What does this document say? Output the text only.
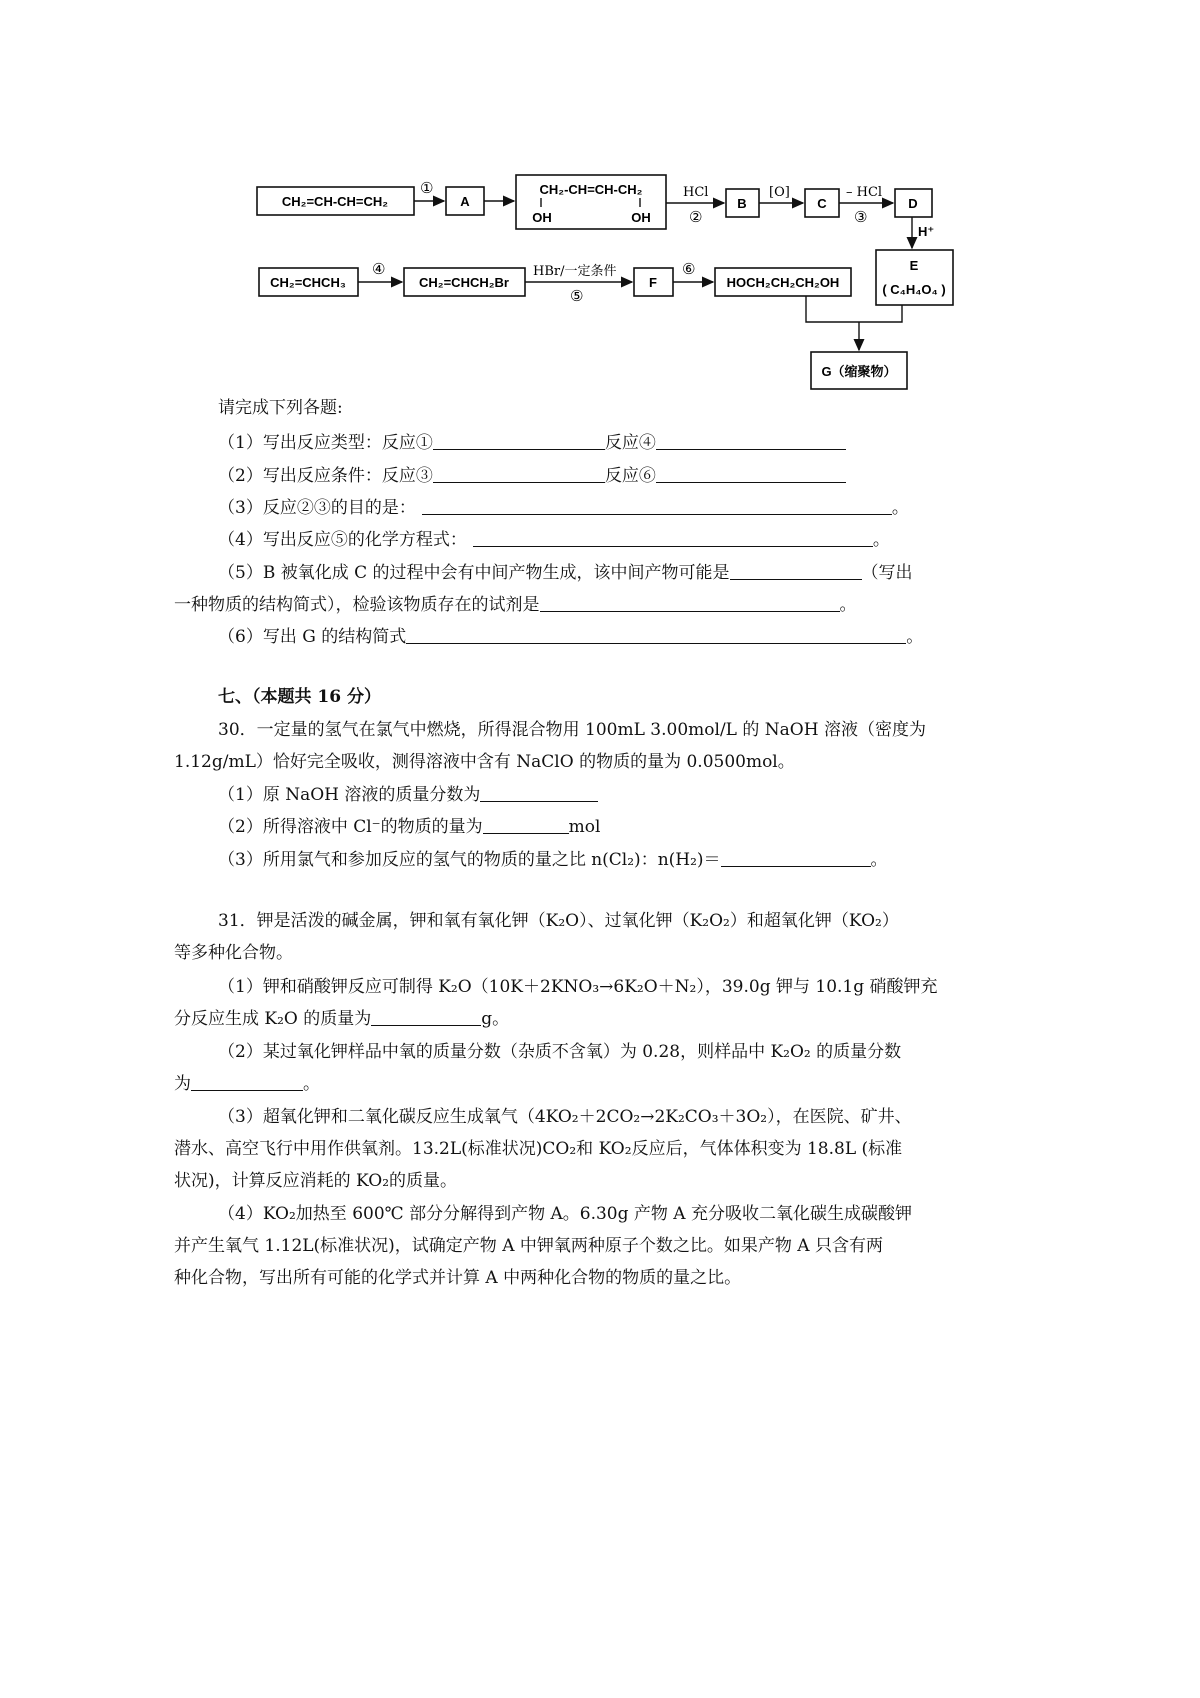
CH₂=CH-CH=CH₂
①
A
CH₂-CH=CH-CH₂
OH	OH
HCl
②
B
[O]
C
– HCl
③
D
H⁺
E
( C₄H₄O₄ )
CH₂=CHCH₃
④
CH₂=CHCH₂Br
HBr/一定条件
⑤
F
⑥
HOCH₂CH₂CH₂OH
G（缩聚物）
请完成下列各题:
（1）写出反应类型：反应①	反应④
（2）写出反应条件：反应③	反应⑥
（3）反应②③的目的是：	。
（4）写出反应⑤的化学方程式：	。
（5）B 被氧化成 C 的过程中会有中间产物生成，该中间产物可能是	（写出
一种物质的结构简式），检验该物质存在的试剂是	。
（6）写出 G 的结构简式	。
七、（本题共 16 分）
30．一定量的氢气在氯气中燃烧，所得混合物用 100mL 3.00mol/L 的 NaOH 溶液（密度为
1.12g/mL）恰好完全吸收，测得溶液中含有 NaClO 的物质的量为 0.0500mol。
（1）原 NaOH 溶液的质量分数为
（2）所得溶液中 Cl⁻的物质的量为	mol
（3）所用氯气和参加反应的氢气的物质的量之比 n(Cl₂)：n(H₂)＝	。
31．钾是活泼的碱金属，钾和氧有氧化钾（K₂O）、过氧化钾（K₂O₂）和超氧化钾（KO₂）
等多种化合物。
（1）钾和硝酸钾反应可制得 K₂O（10K＋2KNO₃→6K₂O＋N₂），39.0g 钾与 10.1g 硝酸钾充
分反应生成 K₂O 的质量为	g。
（2）某过氧化钾样品中氧的质量分数（杂质不含氧）为 0.28，则样品中 K₂O₂ 的质量分数
为	。
（3）超氧化钾和二氧化碳反应生成氧气（4KO₂＋2CO₂→2K₂CO₃＋3O₂），在医院、矿井、
潜水、高空飞行中用作供氧剂。13.2L(标准状况)CO₂和 KO₂反应后，气体体积变为 18.8L (标准
状况)，计算反应消耗的 KO₂的质量。
（4）KO₂加热至 600℃ 部分分解得到产物 A。6.30g 产物 A 充分吸收二氧化碳生成碳酸钾
并产生氧气 1.12L(标准状况)，试确定产物 A 中钾氧两种原子个数之比。如果产物 A 只含有两
种化合物，写出所有可能的化学式并计算 A 中两种化合物的物质的量之比。
